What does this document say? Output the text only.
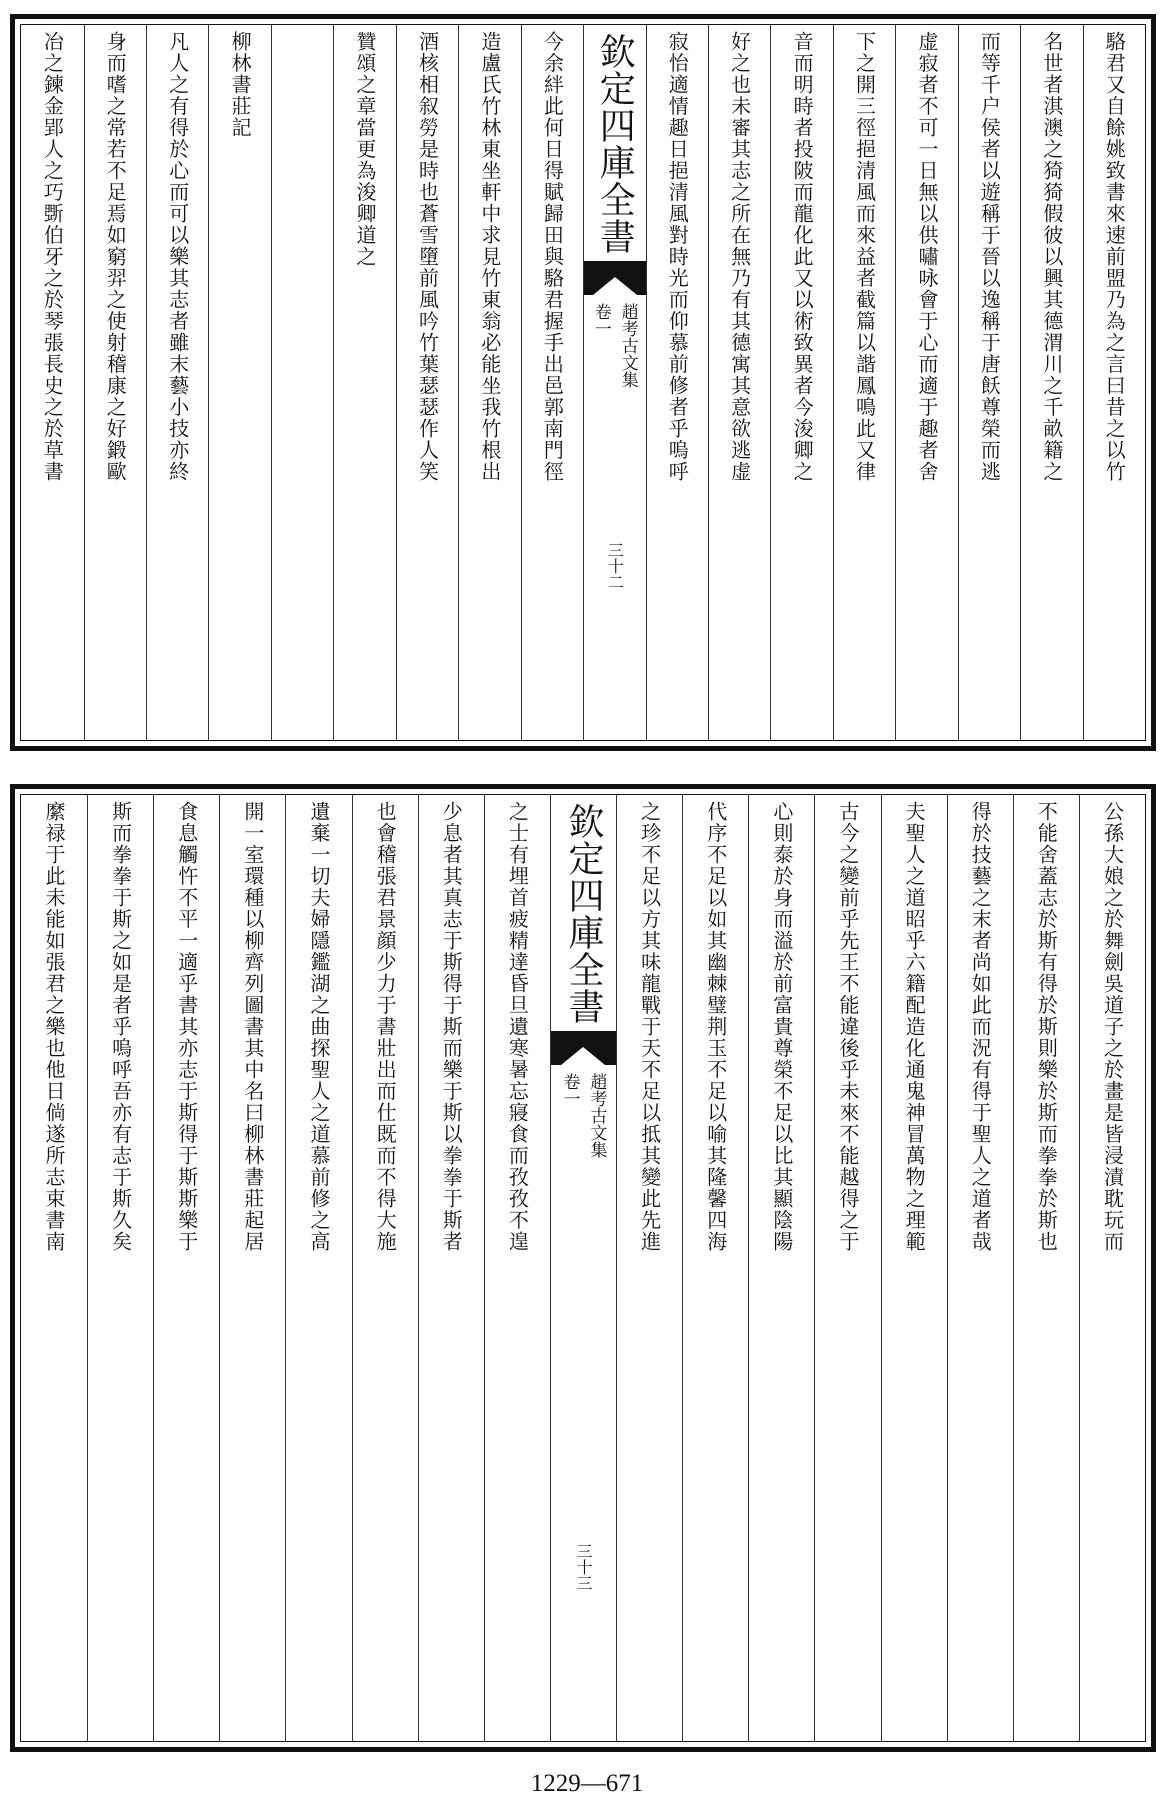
駱君又自餘姚致書來速前盟乃為之言曰昔之以竹
名世者淇澳之猗猗假彼以興其德渭川之千畝籍之
而等千户侯者以遊稱于晉以逸稱于唐飫尊榮而逃
虚寂者不可一日無以供嘯咏會于心而適于趣者舍
下之開三徑挹清風而來益者截篇以諧鳳鳴此又律
音而明時者投陂而龍化此又以術致異者今浚卿之
好之也未審其志之所在無乃有其德寓其意欲逃虚
寂怡適情趣日挹清風對時光而仰慕前修者乎嗚呼
欽定四庫全書
趙考古文集
卷一
三十二
今余絆此何日得賦歸田與駱君握手出邑郭南門徑
造盧氏竹林東坐軒中求見竹東翁必能坐我竹根出
酒核相叙勞是時也蒼雪墮前風吟竹葉瑟瑟作人笑
贊頌之章當更為浚卿道之
柳林書莊記
凡人之有得於心而可以樂其志者雖末藝小技亦終
身而嗜之常若不足焉如窮羿之使射稽康之好鍛歐
冶之鍊金郢人之巧斲伯牙之於琴張長史之於草書
公孫大娘之於舞劍吳道子之於畫是皆浸漬耽玩而
不能舍蓋志於斯有得於斯則樂於斯而拳拳於斯也
得於技藝之末者尚如此而況有得于聖人之道者哉
夫聖人之道昭乎六籍配造化通鬼神冒萬物之理範
古今之變前乎先王不能違後乎未來不能越得之于
心則泰於身而溢於前富貴尊榮不足以比其顯陰陽
代序不足以如其幽棘璧荆玉不足以喻其隆馨四海
之珍不足以方其味龍戰于天不足以抵其變此先進
欽定四庫全書
趙考古文集
卷一
三十三
之士有埋首疲精達昏旦遺寒暑忘寢食而孜孜不遑
少息者其真志于斯得于斯而樂于斯以拳拳于斯者
也會稽張君景顔少力于書壯出而仕既而不得大施
遺棄一切夫婦隱鑑湖之曲探聖人之道慕前修之高
開一室環種以柳齊列圖書其中名曰柳林書莊起居
食息觸忤不平一適乎書其亦志于斯得于斯斯樂于
斯而拳拳于斯之如是者乎嗚呼吾亦有志于斯久矣
縻禄于此未能如張君之樂也他日倘遂所志束書南
1229—671
